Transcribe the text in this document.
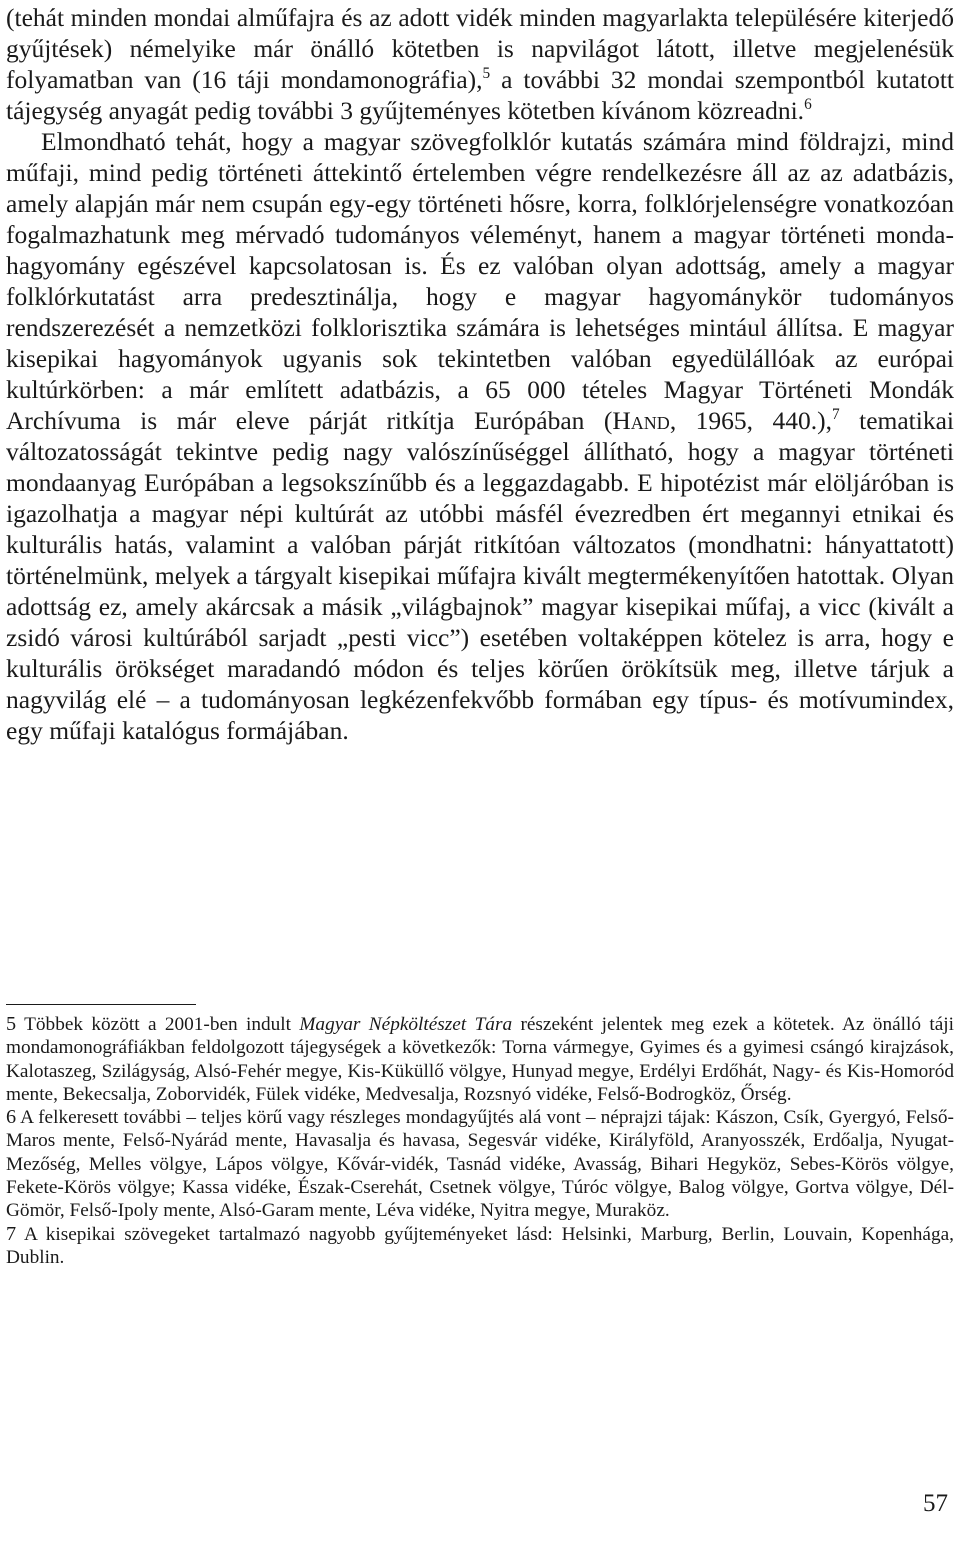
(tehát minden mondai alműfajra és az adott vidék minden magyarlakta településére kiterjedő gyűjtések) némelyike már önálló kötetben is napvilágot látott, illetve megjelenésük folyamatban van (16 táji mondamonográfia),$^5$ a további 32 mondai szempontból kutatott tájegység anyagát pedig további 3 gyűjteményes kötetben kívánom közreadni.$^6$

Elmondható tehát, hogy a magyar szövegfolklór kutatás számára mind földrajzi, mind műfaji, mind pedig történeti áttekintő értelemben végre rendelkezésre áll az az adatbázis, amely alapján már nem csupán egy-egy történeti hősre, korra, folklórjelenségre vonatkozóan fogalmazhatunk meg mérvadó tudományos véleményt, hanem a magyar történeti monda-hagyomány egészével kapcsolatosan is. És ez valóban olyan adottság, amely a magyar folklórkutatást arra predesztinálja, hogy e magyar hagyománykör tudományos rendszerezését a nemzetközi folklorisztika számára is lehetséges mintául állítsa. E magyar kisepikai hagyományok ugyanis sok tekintetben valóban egyedülállóak az európai kultúrkörben: a már említett adatbázis, a 65 000 tételes Magyar Történeti Mondák Archívuma is már eleve párját ritkítja Európában (Hand, 1965, 440.),$^7$ tematikai változatosságát tekintve pedig nagy valószínűséggel állítható, hogy a magyar történeti mondaanyag Európában a legsokszínűbb és a leggazdagabb. E hipotézist már elöljáróban is igazolhatja a magyar népi kultúrát az utóbbi másfél évezredben ért megannyi etnikai és kulturális hatás, valamint a valóban párját ritkítóan változatos (mondhatni: hányattatott) történelmünk, melyek a tárgyalt kisepikai műfajra kivált megtermékenyítően hatottak. Olyan adottság ez, amely akárcsak a másik „világbajnok” magyar kisepikai műfaj, a vicc (kivált a zsidó városi kultúrából sarjadt „pesti vicc”) esetében voltaképpen kötelez is arra, hogy e kulturális örökséget maradandó módon és teljes körűen örökítsük meg, illetve tárjuk a nagyvilág elé – a tudományosan legkézenfekvőbb formában egy típus- és motívumindex, egy műfaji katalógus formájában.

5 Többek között a 2001-ben indult Magyar Népköltészet Tára részeként jelentek meg ezek a kötetek. Az önálló táji mondamonográfiákban feldolgozott tájegységek a következők: Torna vármegye, Gyimes és a gyimesi csángó kirajzások, Kalotaszeg, Szilágyság, Alsó-Fehér megye, Kis-Küküllő völgye, Hunyad megye, Erdélyi Erdőhát, Nagy- és Kis-Homoród mente, Bekecsalja, Zoborvidék, Fülek vidéke, Medvesalja, Rozsnyó vidéke, Felső-Bodrogköz, Őrség.

6 A felkeresett további – teljes körű vagy részleges mondagyűjtés alá vont – néprajzi tájak: Kászon, Csík, Gyergyó, Felső-Maros mente, Felső-Nyárád mente, Havasalja és havasa, Segesvár vidéke, Királyföld, Aranyosszék, Erdőalja, Nyugat-Mezőség, Melles völgye, Lápos völgye, Kővár-vidék, Tasnád vidéke, Avasság, Bihari Hegyköz, Sebes-Körös völgye, Fekete-Körös völgye; Kassa vidéke, Észak-Cserehát, Csetnek völgye, Túróc völgye, Balog völgye, Gortva völgye, Dél-Gömör, Felső-Ipoly mente, Alsó-Garam mente, Léva vidéke, Nyitra megye, Muraköz.

7 A kisepikai szövegeket tartalmazó nagyobb gyűjteményeket lásd: Helsinki, Marburg, Berlin, Louvain, Kopenhága, Dublin.

57
